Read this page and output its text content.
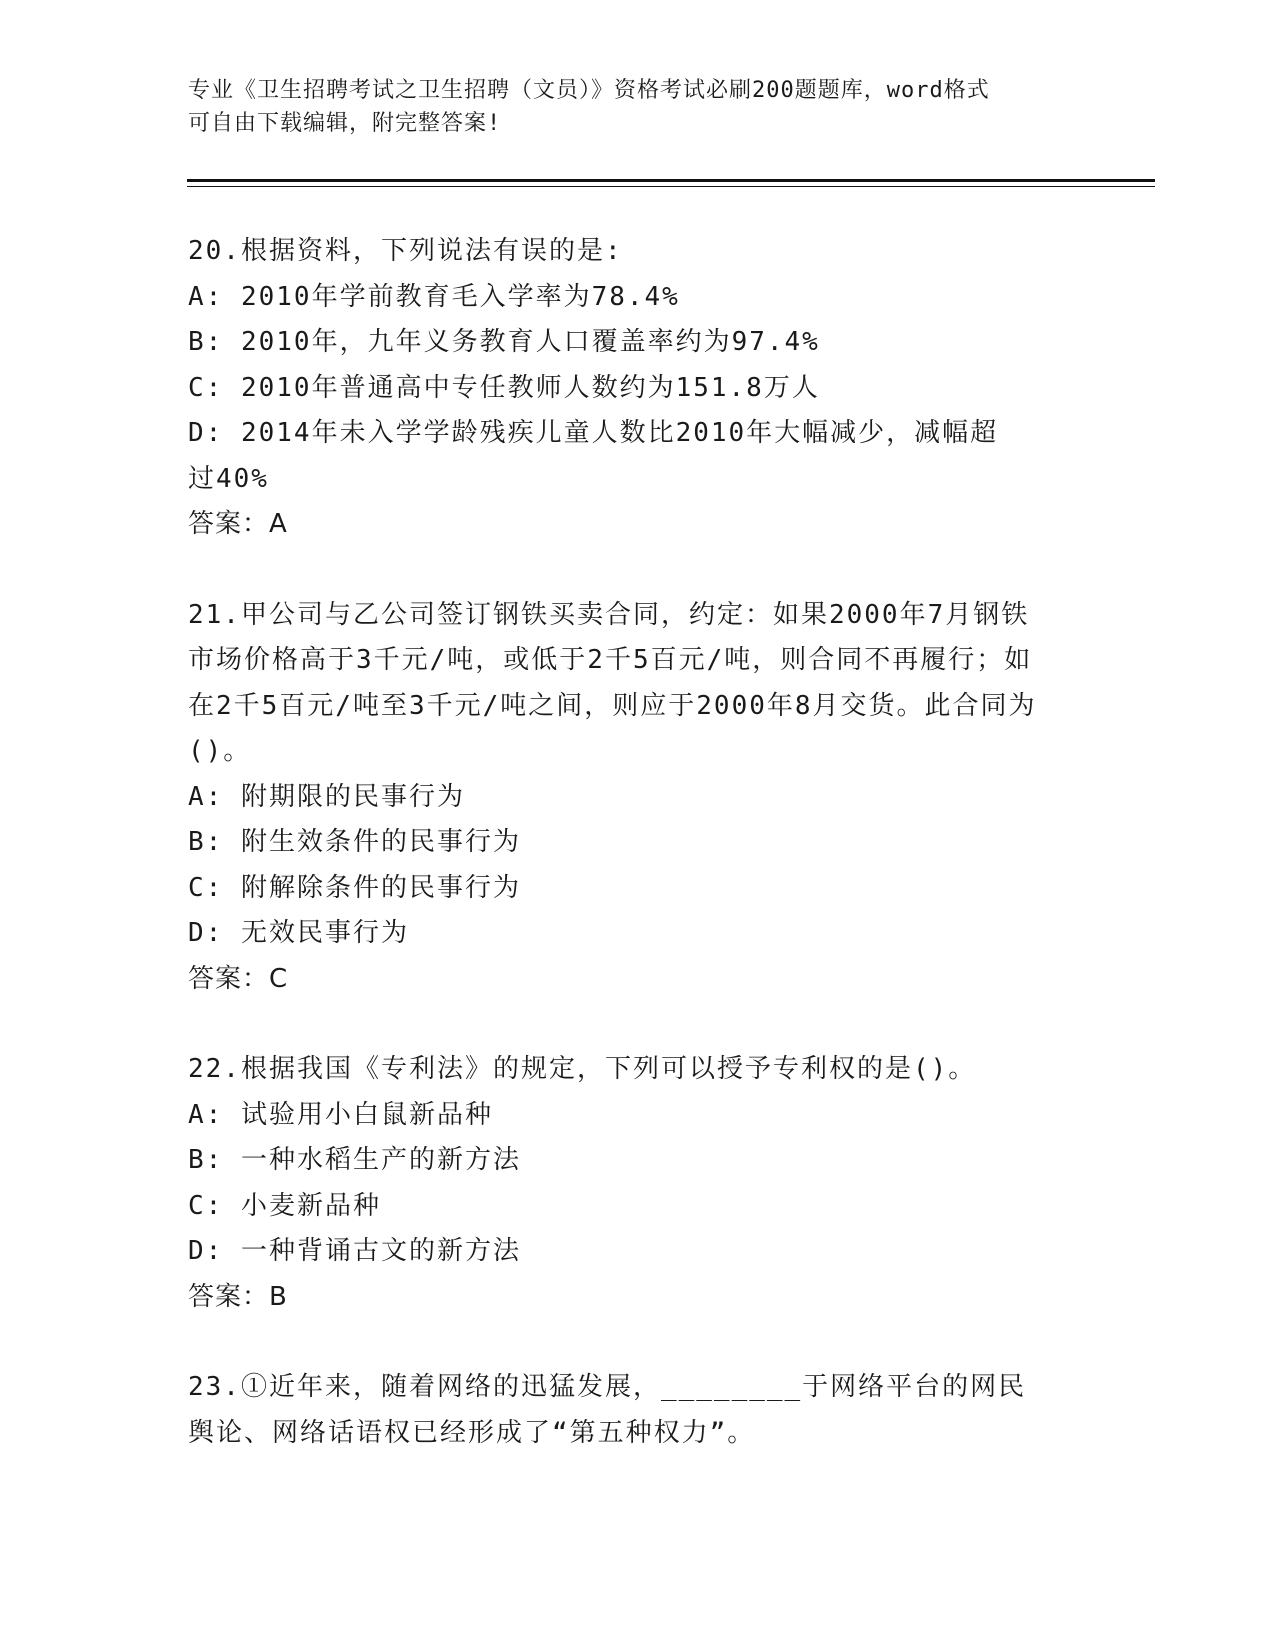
专业《卫生招聘考试之卫生招聘（文员）》资格考试必刷200题题库，word格式
可自由下载编辑，附完整答案!
20.根据资料，下列说法有误的是:
A: 2010年学前教育毛入学率为78.4%
B: 2010年，九年义务教育人口覆盖率约为97.4%
C: 2010年普通高中专任教师人数约为151.8万人
D: 2014年未入学学龄残疾儿童人数比2010年大幅减少，减幅超过40%
答案：A
21.甲公司与乙公司签订钢铁买卖合同，约定：如果2000年7月钢铁市场价格高于3千元/吨，或低于2千5百元/吨，则合同不再履行；如在2千5百元/吨至3千元/吨之间，则应于2000年8月交货。此合同为()。
A: 附期限的民事行为
B: 附生效条件的民事行为
C: 附解除条件的民事行为
D: 无效民事行为
答案：C
22.根据我国《专利法》的规定，下列可以授予专利权的是()。
A: 试验用小白鼠新品种
B: 一种水稻生产的新方法
C: 小麦新品种
D: 一种背诵古文的新方法
答案：B
23.①近年来，随着网络的迅猛发展，________于网络平台的网民舆论、网络话语权已经形成了“第五种权力”。
